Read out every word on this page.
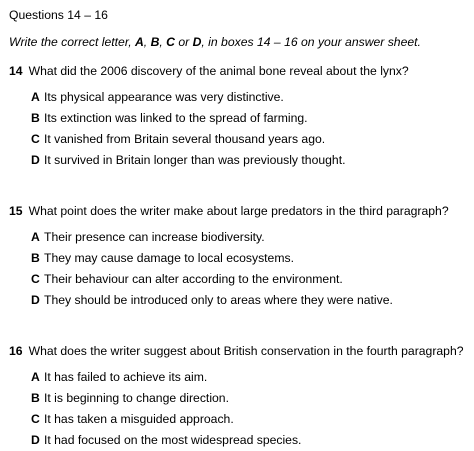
Questions 14 – 16
Write the correct letter, A, B, C or D, in boxes 14 – 16 on your answer sheet.
14 What did the 2006 discovery of the animal bone reveal about the lynx?
A Its physical appearance was very distinctive.
B Its extinction was linked to the spread of farming.
C It vanished from Britain several thousand years ago.
D It survived in Britain longer than was previously thought.
15 What point does the writer make about large predators in the third paragraph?
A Their presence can increase biodiversity.
B They may cause damage to local ecosystems.
C Their behaviour can alter according to the environment.
D They should be introduced only to areas where they were native.
16 What does the writer suggest about British conservation in the fourth paragraph?
A It has failed to achieve its aim.
B It is beginning to change direction.
C It has taken a misguided approach.
D It had focused on the most widespread species.
